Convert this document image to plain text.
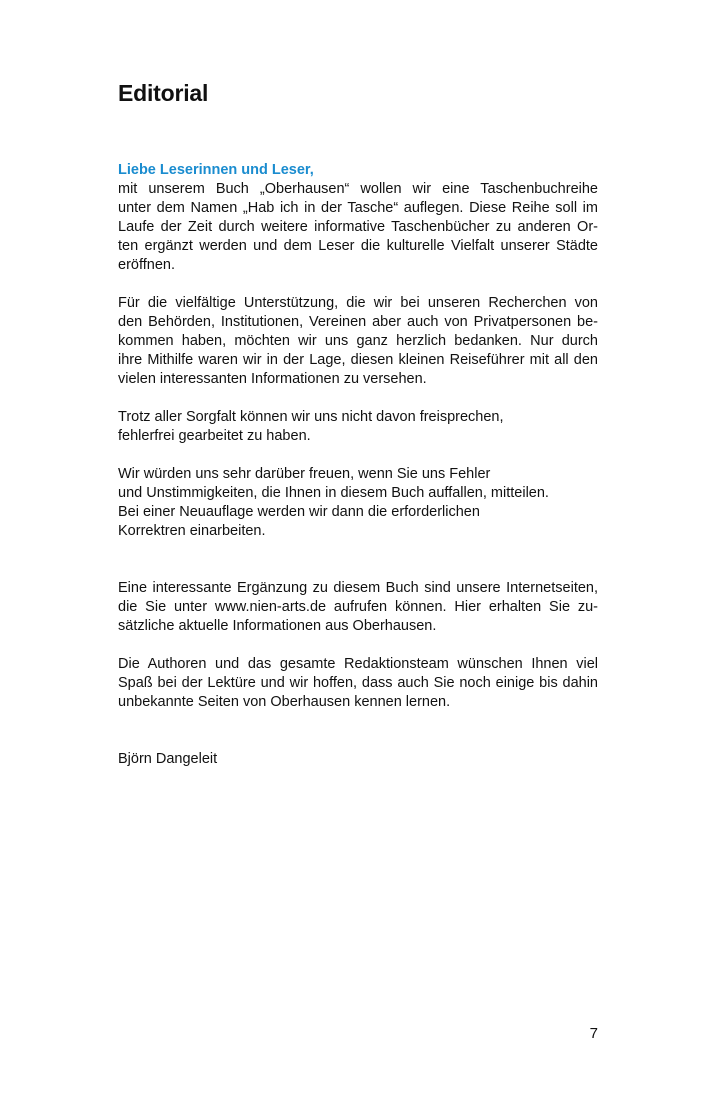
Editorial

Liebe Leserinnen und Leser,

mit unserem Buch „Oberhausen“ wollen wir eine Taschenbuchreihe

unter dem Namen „Hab ich in der Tasche“ auflegen. Diese Reihe soll im

Laufe der Zeit durch weitere informative Taschenbücher zu anderen Or-

ten ergänzt werden und dem Leser die kulturelle Vielfalt unserer Städte

eröffnen.

Für die vielfältige Unterstützung, die wir bei unseren Recherchen von

den Behörden, Institutionen, Vereinen aber auch von Privatpersonen be-

kommen haben, möchten wir uns ganz herzlich bedanken. Nur durch

ihre Mithilfe waren wir in der Lage, diesen kleinen Reiseführer mit all den

vielen interessanten Informationen zu versehen.

Trotz aller Sorgfalt können wir uns nicht davon freisprechen,

fehlerfrei gearbeitet zu haben.

Wir würden uns sehr darüber freuen, wenn Sie uns Fehler

und Unstimmigkeiten, die Ihnen in diesem Buch auffallen, mitteilen.

Bei einer Neuauflage werden wir dann die erforderlichen

Korrektren einarbeiten.

Eine interessante Ergänzung zu diesem Buch sind unsere Internetseiten,

die Sie unter www.nien-arts.de aufrufen können. Hier erhalten Sie zu-

sätzliche aktuelle Informationen aus Oberhausen.

Die Authoren und das gesamte Redaktionsteam wünschen Ihnen viel

Spaß bei der Lektüre und wir hoffen, dass auch Sie noch einige bis dahin

unbekannte Seiten von Oberhausen kennen lernen.

Björn Dangeleit

7
